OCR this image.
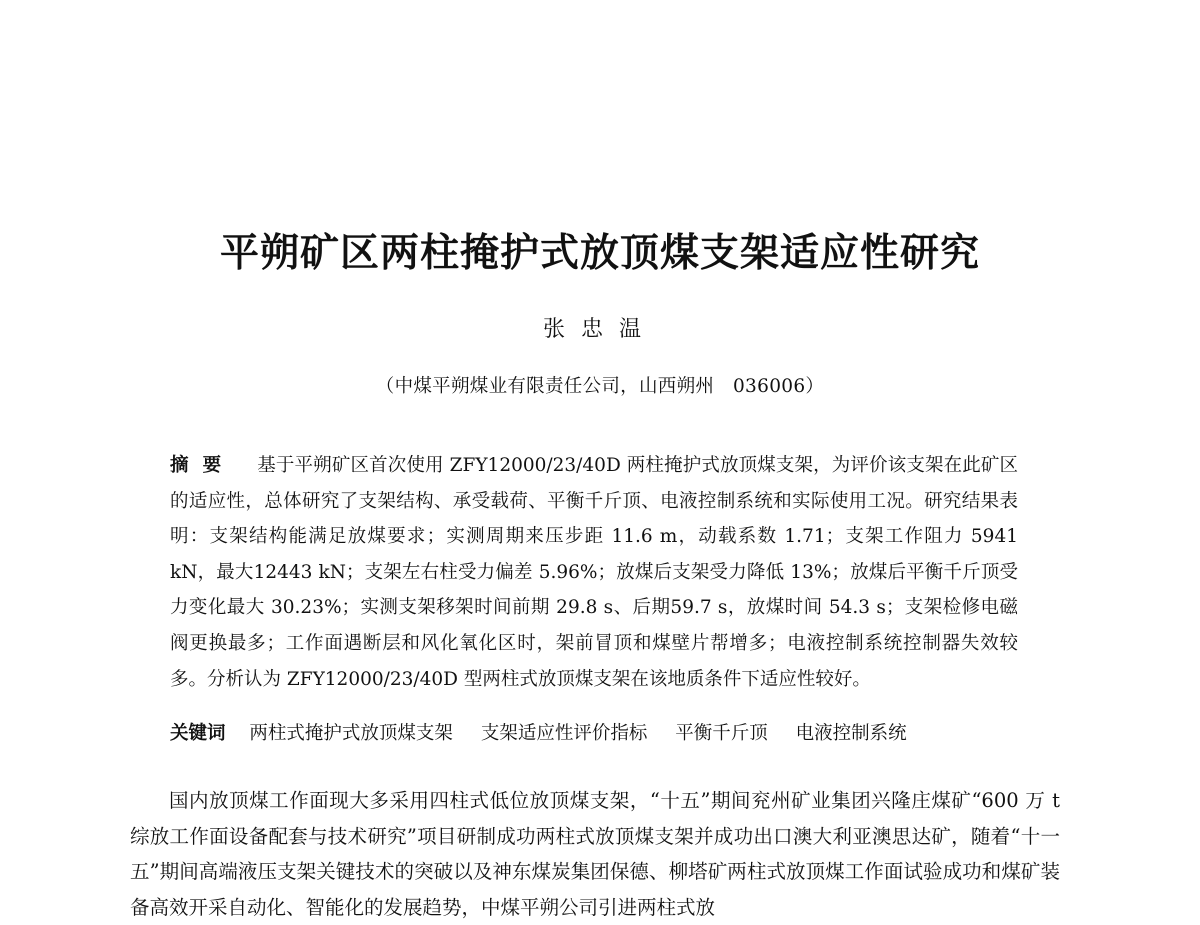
平朔矿区两柱掩护式放顶煤支架适应性研究
张忠温
（中煤平朔煤业有限责任公司，山西朔州　036006）

摘要 基于平朔矿区首次使用 ZFY12000/23/40D 两柱掩护式放顶煤支架，为评价该支架在此矿区的适应性，总体研究了支架结构、承受载荷、平衡千斤顶、电液控制系统和实际使用工况。研究结果表明：支架结构能满足放煤要求；实测周期来压步距 11.6 m，动载系数 1.71；支架工作阻力 5941 kN，最大12443 kN；支架左右柱受力偏差 5.96%；放煤后支架受力降低 13%；放煤后平衡千斤顶受力变化最大 30.23%；实测支架移架时间前期 29.8 s、后期59.7 s，放煤时间 54.3 s；支架检修电磁阀更换最多；工作面遇断层和风化氧化区时，架前冒顶和煤壁片帮增多；电液控制系统控制器失效较多。分析认为 ZFY12000/23/40D 型两柱式放顶煤支架在该地质条件下适应性较好。

关键词 两柱式掩护式放顶煤支架 支架适应性评价指标 平衡千斤顶 电液控制系统

国内放顶煤工作面现大多采用四柱式低位放顶煤支架，“十五”期间兖州矿业集团兴隆庄煤矿“600 万 t 综放工作面设备配套与技术研究”项目研制成功两柱式放顶煤支架并成功出口澳大利亚澳思达矿，随着“十一五”期间高端液压支架关键技术的突破以及神东煤炭集团保德、柳塔矿两柱式放顶煤工作面试验成功和煤矿装备高效开采自动化、智能化的发展趋势，中煤平朔公司引进两柱式放
